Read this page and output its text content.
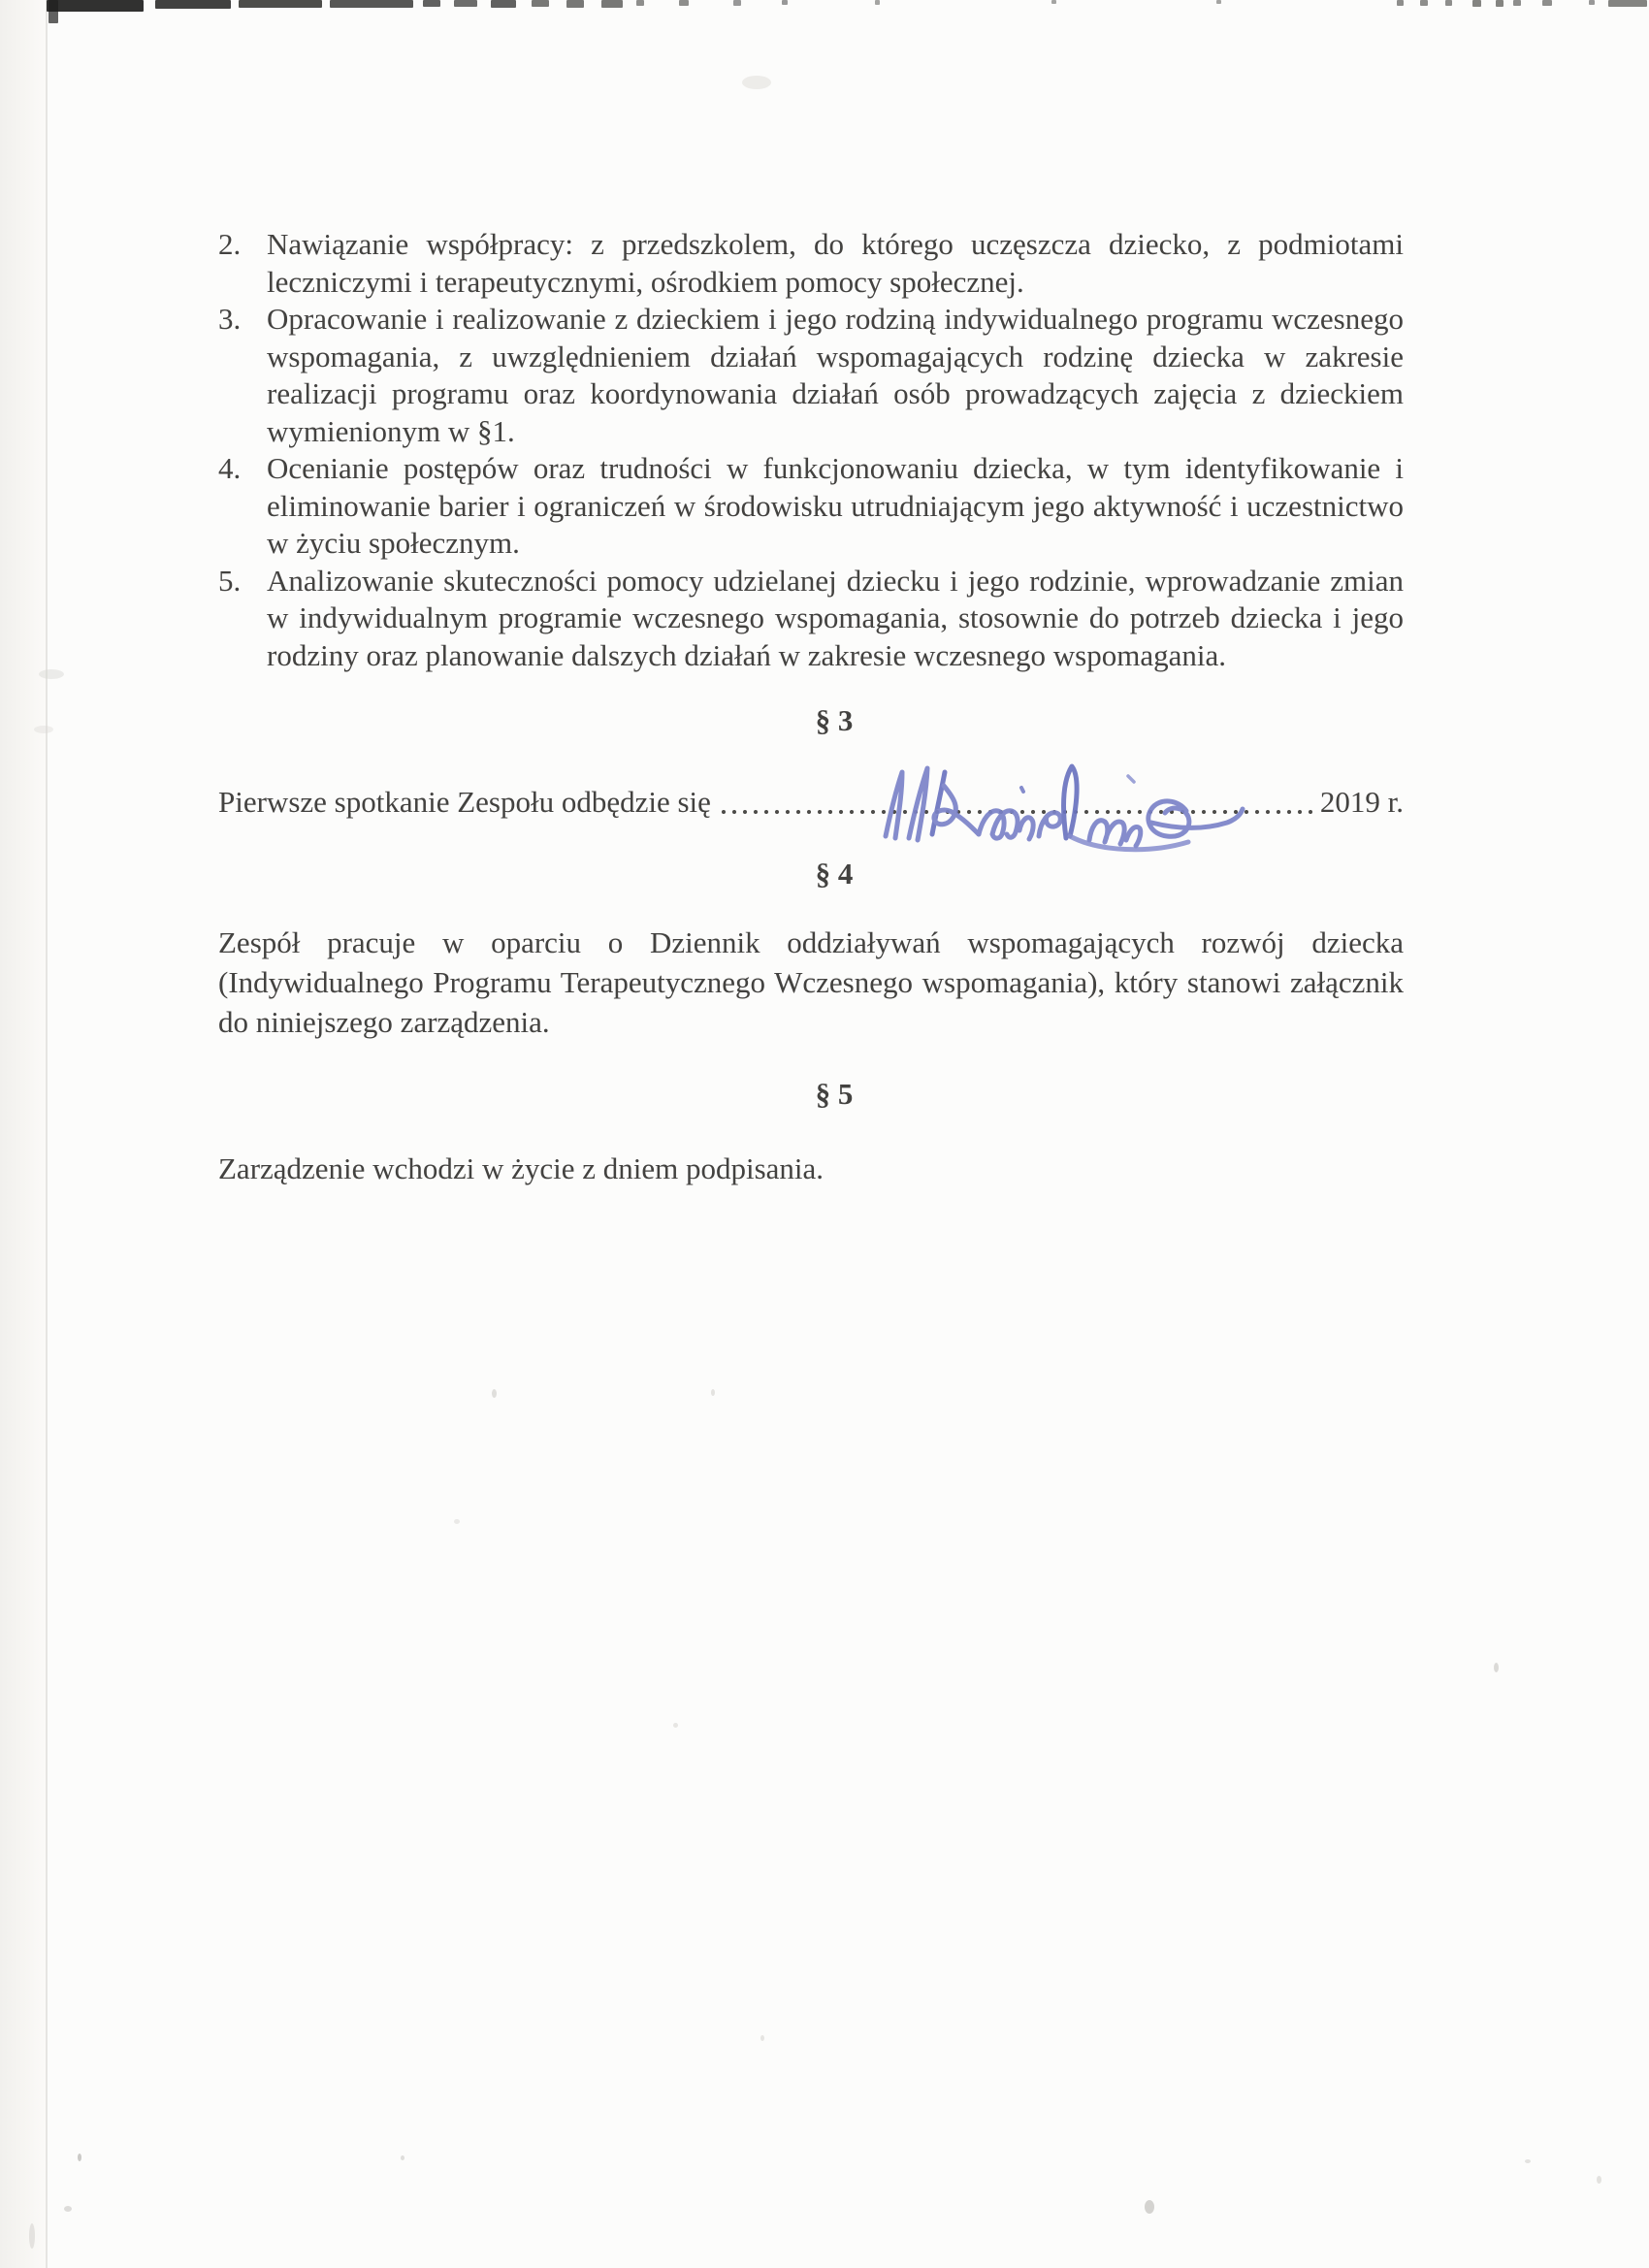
2. Nawiązanie współpracy: z przedszkolem, do którego uczęszcza dziecko, z podmiotami leczniczymi i terapeutycznymi, ośrodkiem pomocy społecznej.
3. Opracowanie i realizowanie z dzieckiem i jego rodziną indywidualnego programu wczesnego wspomagania, z uwzględnieniem działań wspomagających rodzinę dziecka w zakresie realizacji programu oraz koordynowania działań osób prowadzących zajęcia z dzieckiem wymienionym w §1.
4. Ocenianie postępów oraz trudności w funkcjonowaniu dziecka, w tym identyfikowanie i eliminowanie barier i ograniczeń w środowisku utrudniającym jego aktywność i uczestnictwo w życiu społecznym.
5. Analizowanie skuteczności pomocy udzielanej dziecku i jego rodzinie, wprowadzanie zmian w indywidualnym programie wczesnego wspomagania, stosownie do potrzeb dziecka i jego rodziny oraz planowanie dalszych działań w zakresie wczesnego wspomagania.
§ 3
Pierwsze spotkanie Zespołu odbędzie się	2019 r.
§ 4

Zespół pracuje w oparciu o Dziennik oddziaływań wspomagających rozwój dziecka (Indywidualnego Programu Terapeutycznego Wczesnego wspomagania), który stanowi załącznik do niniejszego zarządzenia.

§ 5

Zarządzenie wchodzi w życie z dniem podpisania.
